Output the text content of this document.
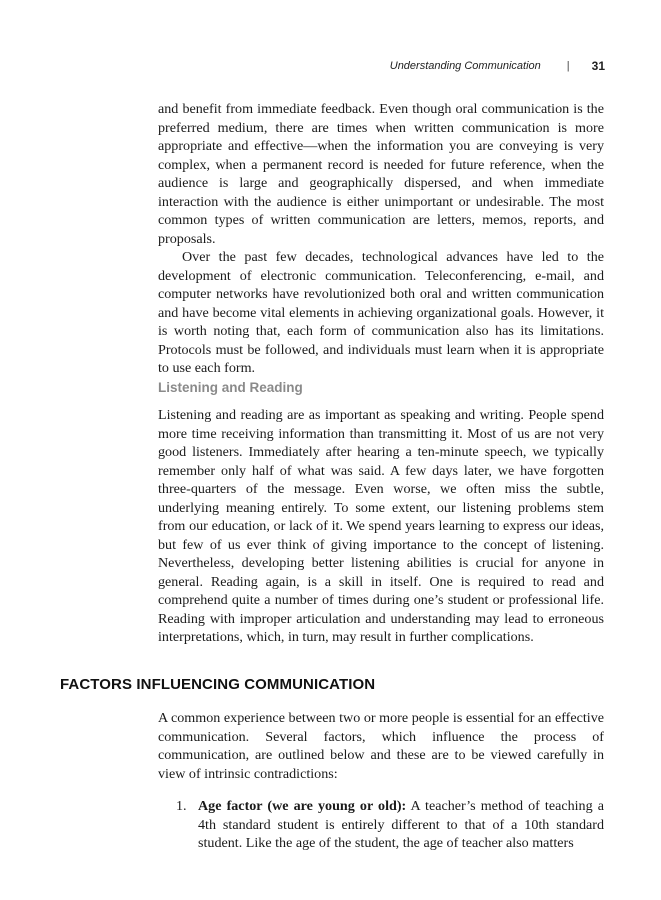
Understanding Communication | 31

and benefit from immediate feedback. Even though oral communication is the preferred medium, there are times when written communication is more appropriate and effective—when the information you are conveying is very complex, when a permanent record is needed for future reference, when the audience is large and geographically dispersed, and when immediate interaction with the audience is either unimportant or undesirable. The most common types of written communication are letters, memos, reports, and proposals.

Over the past few decades, technological advances have led to the development of electronic communication. Teleconferencing, e-mail, and computer networks have revolutionized both oral and written communication and have become vital elements in achieving organizational goals. However, it is worth noting that, each form of communication also has its limitations. Protocols must be followed, and individuals must learn when it is appropriate to use each form.

Listening and Reading

Listening and reading are as important as speaking and writing. People spend more time receiving information than transmitting it. Most of us are not very good listeners. Immediately after hearing a ten-minute speech, we typically remember only half of what was said. A few days later, we have forgotten three-quarters of the message. Even worse, we often miss the subtle, underlying meaning entirely. To some extent, our listening problems stem from our education, or lack of it. We spend years learning to express our ideas, but few of us ever think of giving importance to the concept of listening. Nevertheless, developing better listening abilities is crucial for anyone in general. Reading again, is a skill in itself. One is required to read and comprehend quite a number of times during one’s student or professional life. Reading with improper articulation and understanding may lead to erroneous interpretations, which, in turn, may result in further complications.

FACTORS INFLUENCING COMMUNICATION

A common experience between two or more people is essential for an effective communication. Several factors, which influence the process of communication, are outlined below and these are to be viewed carefully in view of intrinsic contradictions:

1. Age factor (we are young or old): A teacher’s method of teaching a 4th standard student is entirely different to that of a 10th standard student. Like the age of the student, the age of teacher also matters
